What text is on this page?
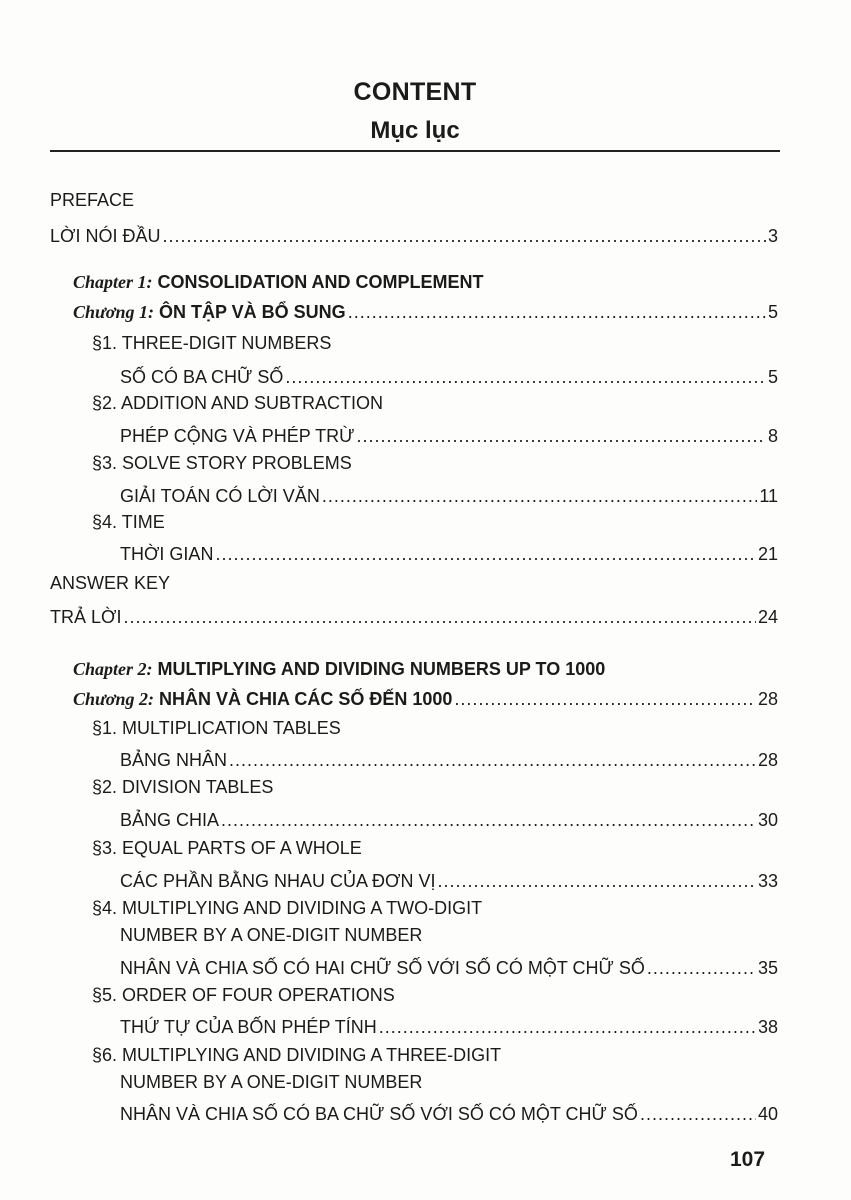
CONTENT
Mục lục
PREFACE
LỜI NÓI ĐẦU .....	3
Chapter 1: CONSOLIDATION AND COMPLEMENT
Chương 1: ÔN TẬP VÀ BỔ SUNG .....	5
§1. THREE-DIGIT NUMBERS
SỐ CÓ BA CHỮ SỐ .....	5
§2. ADDITION AND SUBTRACTION
PHÉP CỘNG VÀ PHÉP TRỪ .....	8
§3. SOLVE STORY PROBLEMS
GIẢI TOÁN CÓ LỜI VĂN .....	11
§4. TIME
THỜI GIAN .....	21
ANSWER KEY
TRẢ LỜI .....	24
Chapter 2: MULTIPLYING AND DIVIDING NUMBERS UP TO 1000
Chương 2: NHÂN VÀ CHIA CÁC SỐ ĐẾN 1000 .....	28
§1. MULTIPLICATION TABLES
BẢNG NHÂN .....	28
§2. DIVISION TABLES
BẢNG CHIA .....	30
§3. EQUAL PARTS OF A WHOLE
CÁC PHẦN BẰNG NHAU CỦA ĐƠN VỊ .....	33
§4. MULTIPLYING AND DIVIDING A TWO-DIGIT
NUMBER BY A ONE-DIGIT NUMBER
NHÂN VÀ CHIA SỐ CÓ HAI CHỮ SỐ VỚI SỐ CÓ MỘT CHỮ SỐ .....	35
§5. ORDER OF FOUR OPERATIONS
THỨ TỰ CỦA BỐN PHÉP TÍNH .....	38
§6. MULTIPLYING AND DIVIDING A THREE-DIGIT
NUMBER BY A ONE-DIGIT NUMBER
NHÂN VÀ CHIA SỐ CÓ BA CHỮ SỐ VỚI SỐ CÓ MỘT CHỮ SỐ .....	40
107
